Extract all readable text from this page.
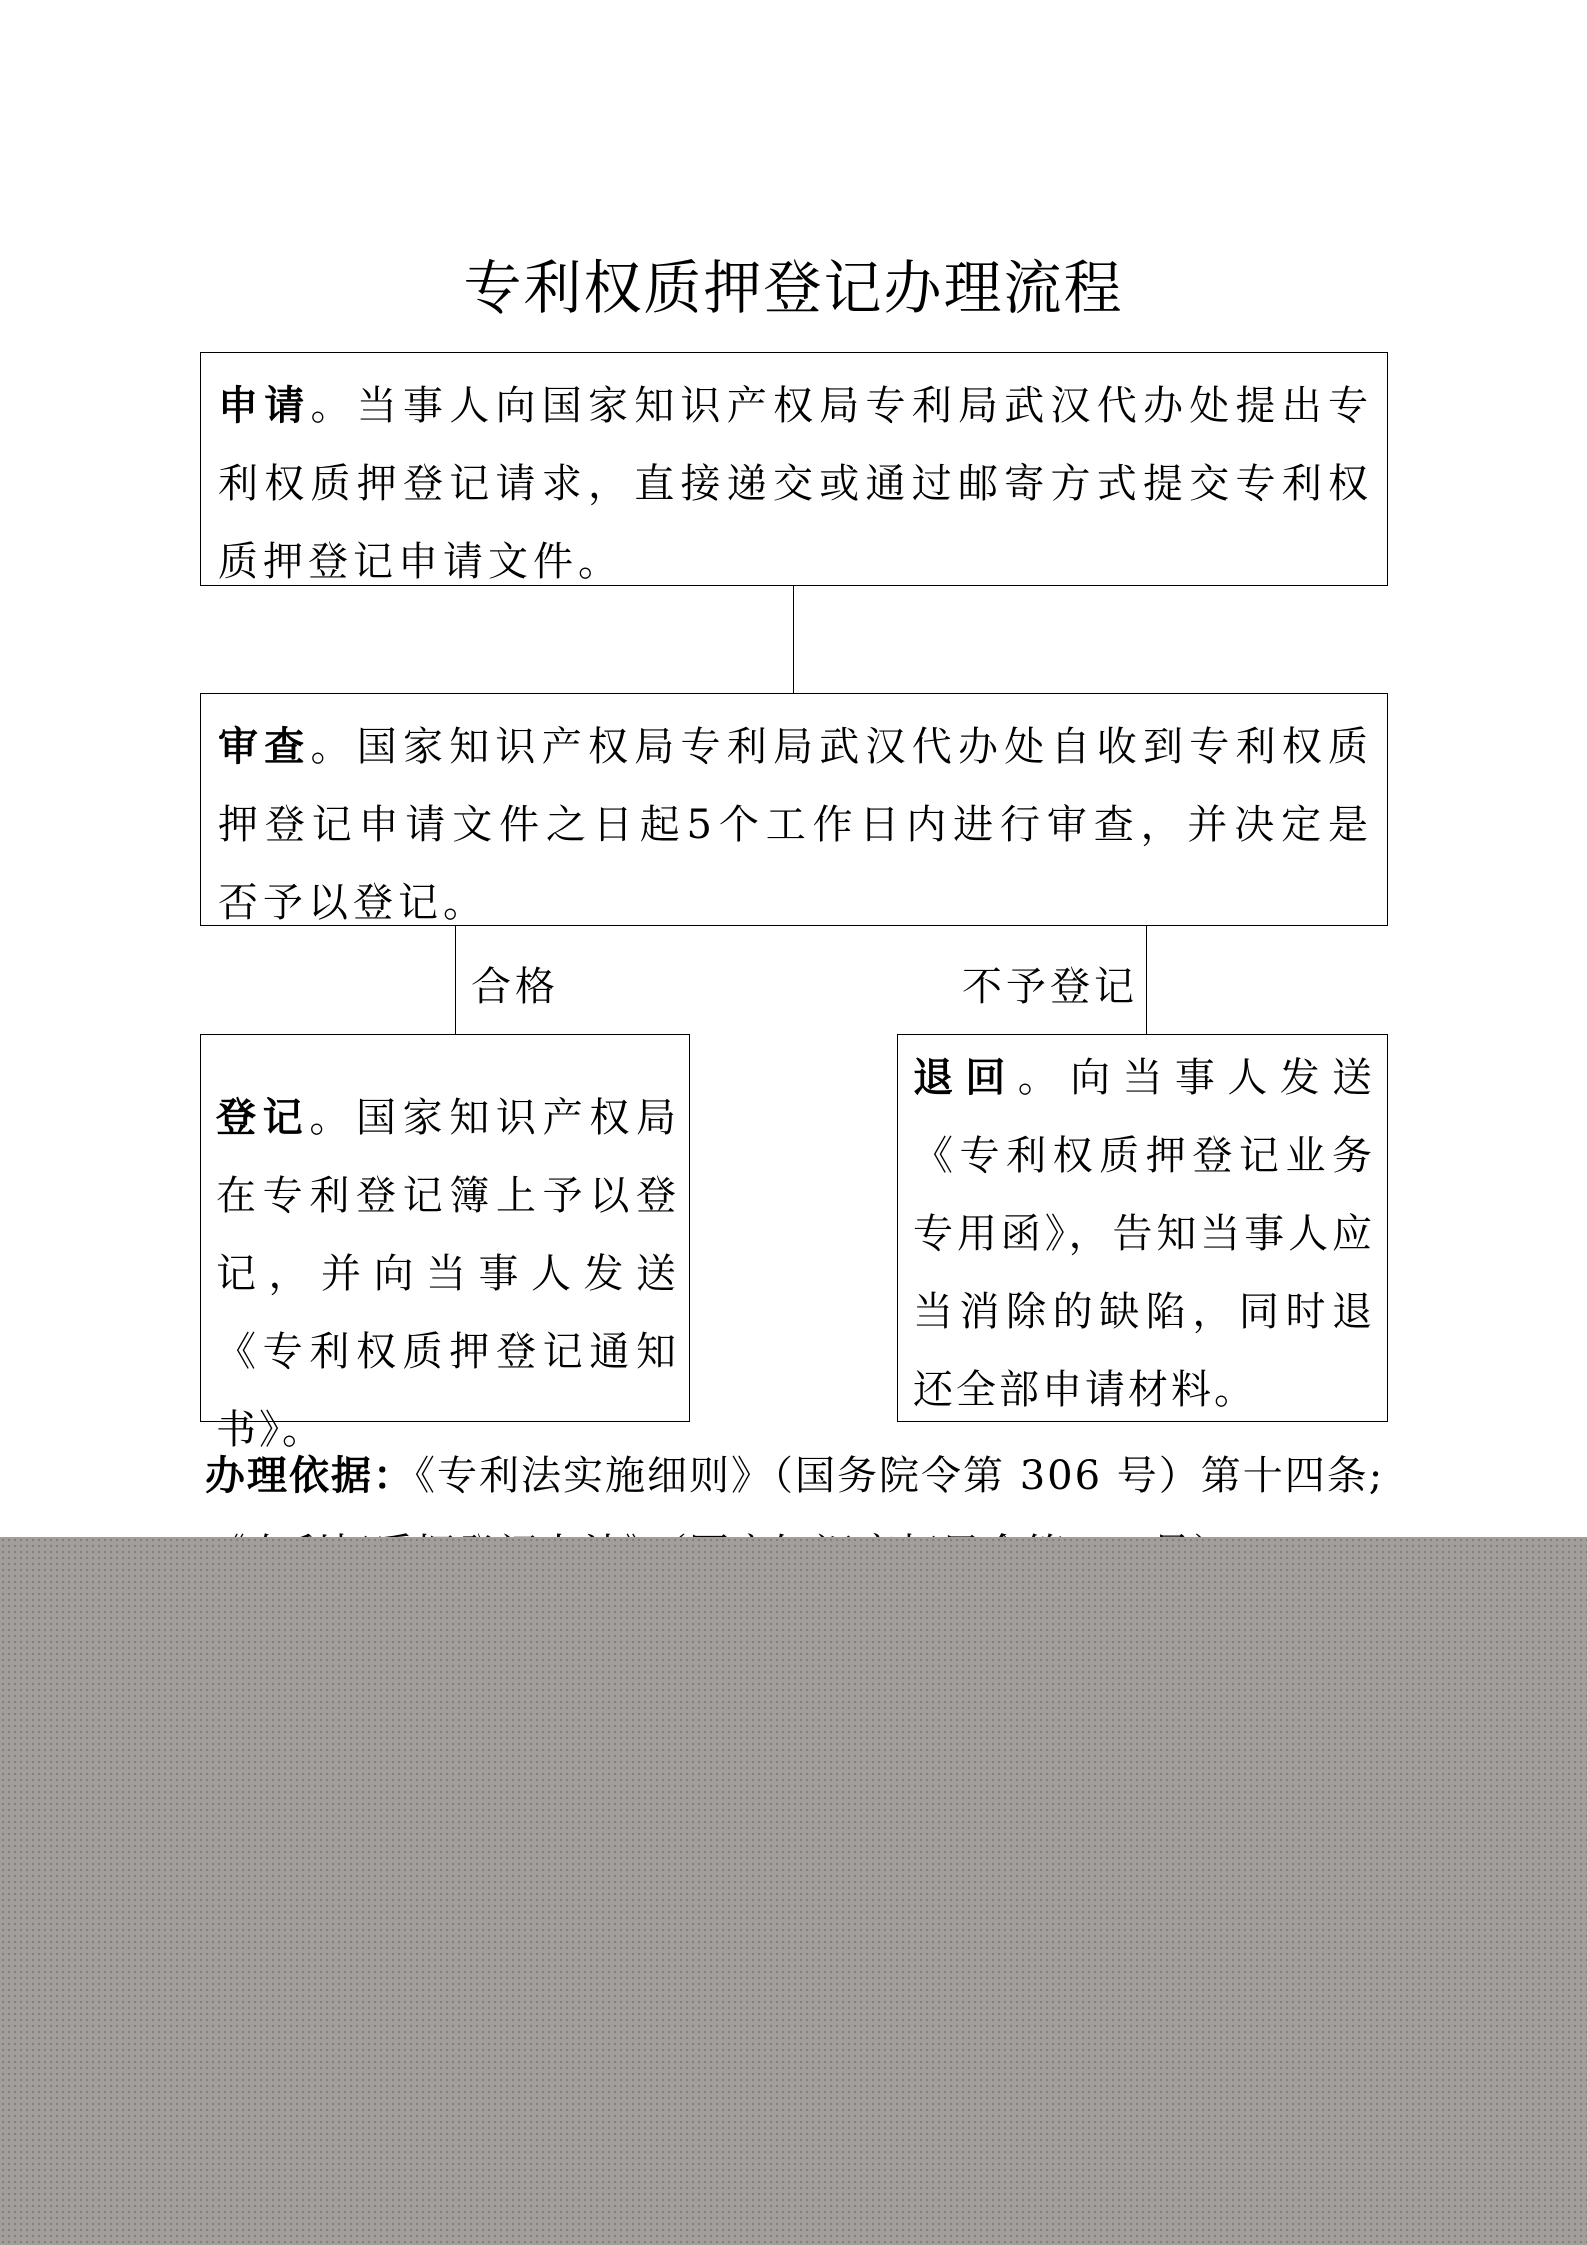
专利权质押登记办理流程

申请。当事人向国家知识产权局专利局武汉代办处提出专利权质押登记请求，直接递交或通过邮寄方式提交专利权质押登记申请文件。

审查。国家知识产权局专利局武汉代办处自收到专利权质押登记申请文件之日起5个工作日内进行审查，并决定是否予以登记。

合格	不予登记

登记。国家知识产权局在专利登记簿上予以登记，并向当事人发送《专利权质押登记通知书》。

退回。向当事人发送《专利权质押登记业务专用函》，告知当事人应当消除的缺陷，同时退还全部申请材料。

办理依据：《专利法实施细则》（国务院令第 306 号）第十四条;
